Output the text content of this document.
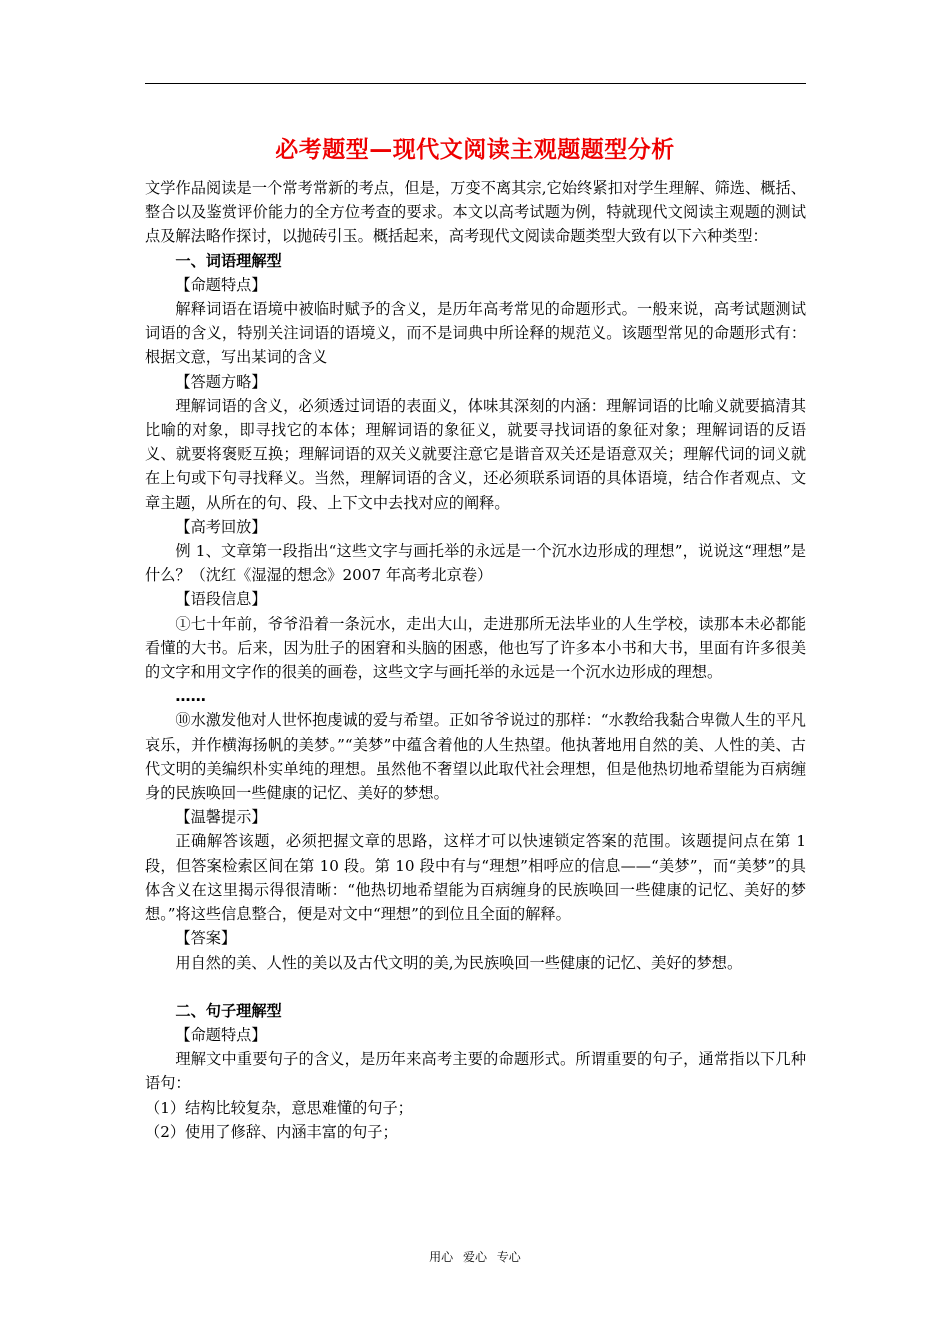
必考题型—现代文阅读主观题题型分析

文学作品阅读是一个常考常新的考点，但是，万变不离其宗,它始终紧扣对学生理解、筛选、概括、整合以及鉴赏评价能力的全方位考查的要求。本文以高考试题为例，特就现代文阅读主观题的测试点及解法略作探讨，以抛砖引玉。概括起来，高考现代文阅读命题类型大致有以下六种类型：

一、词语理解型

【命题特点】

解释词语在语境中被临时赋予的含义，是历年高考常见的命题形式。一般来说，高考试题测试词语的含义，特别关注词语的语境义，而不是词典中所诠释的规范义。该题型常见的命题形式有：根据文意，写出某词的含义

【答题方略】

理解词语的含义，必须透过词语的表面义，体味其深刻的内涵：理解词语的比喻义就要搞清其比喻的对象，即寻找它的本体；理解词语的象征义，就要寻找词语的象征对象；理解词语的反语义、就要将褒贬互换；理解词语的双关义就要注意它是谐音双关还是语意双关；理解代词的词义就在上句或下句寻找释义。当然，理解词语的含义，还必须联系词语的具体语境，结合作者观点、文章主题，从所在的句、段、上下文中去找对应的阐释。

【高考回放】

例 1、文章第一段指出“这些文字与画托举的永远是一个沉水边形成的理想”，说说这“理想”是什么？（沈红《湿湿的想念》2007 年高考北京卷）

【语段信息】

①七十年前，爷爷沿着一条沅水，走出大山，走进那所无法毕业的人生学校，读那本未必都能看懂的大书。后来，因为肚子的困窘和头脑的困惑，他也写了许多本小书和大书，里面有许多很美的文字和用文字作的很美的画卷，这些文字与画托举的永远是一个沉水边形成的理想。

……

⑩水激发他对人世怀抱虔诚的爱与希望。正如爷爷说过的那样：“水教给我黏合卑微人生的平凡哀乐，并作横海扬帆的美梦。”“美梦”中蕴含着他的人生热望。他执著地用自然的美、人性的美、古代文明的美编织朴实单纯的理想。虽然他不奢望以此取代社会理想，但是他热切地希望能为百病缠身的民族唤回一些健康的记忆、美好的梦想。

【温馨提示】

正确解答该题，必须把握文章的思路，这样才可以快速锁定答案的范围。该题提问点在第 1 段，但答案检索区间在第 10 段。第 10 段中有与“理想”相呼应的信息——“美梦”，而“美梦”的具体含义在这里揭示得很清晰：“他热切地希望能为百病缠身的民族唤回一些健康的记忆、美好的梦想。”将这些信息整合，便是对文中“理想”的到位且全面的解释。

【答案】

用自然的美、人性的美以及古代文明的美,为民族唤回一些健康的记忆、美好的梦想。

二、句子理解型

【命题特点】

理解文中重要句子的含义，是历年来高考主要的命题形式。所谓重要的句子，通常指以下几种语句：

（1）结构比较复杂，意思难懂的句子；

（2）使用了修辞、内涵丰富的句子；

用心 爱心 专心
